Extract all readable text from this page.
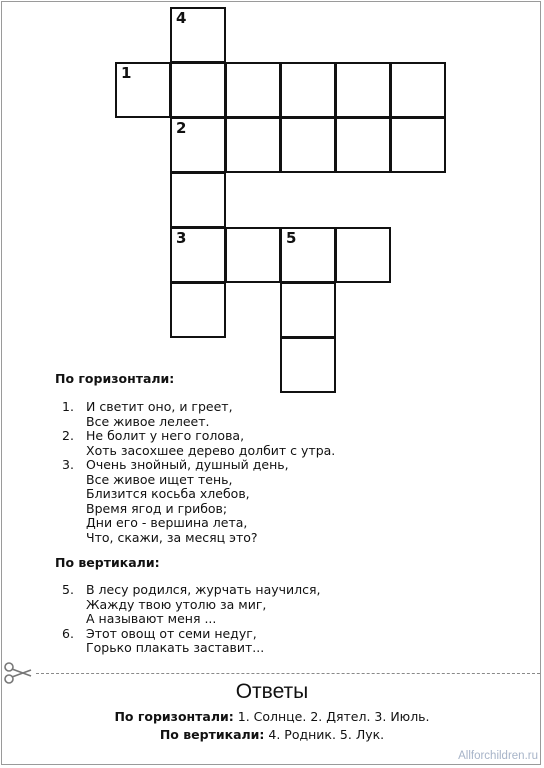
4
1
2
3	5
По горизонтали:
1. И светит оно, и греет,
Все живое лелеет.
2. Не болит у него голова,
Хоть засохшее дерево долбит с утра.
3. Очень знойный, душный день,
Все живое ищет тень,
Близится косьба хлебов,
Время ягод и грибов;
Дни его - вершина лета,
Что, скажи, за месяц это?
По вертикали:
5. В лесу родился, журчать научился,
Жажду твою утолю за миг,
А называют меня ...
6. Этот овощ от семи недуг,
Горько плакать заставит...
Ответы
По горизонтали: 1. Солнце. 2. Дятел. 3. Июль.
По вертикали: 4. Родник. 5. Лук.
Allforchildren.ru
